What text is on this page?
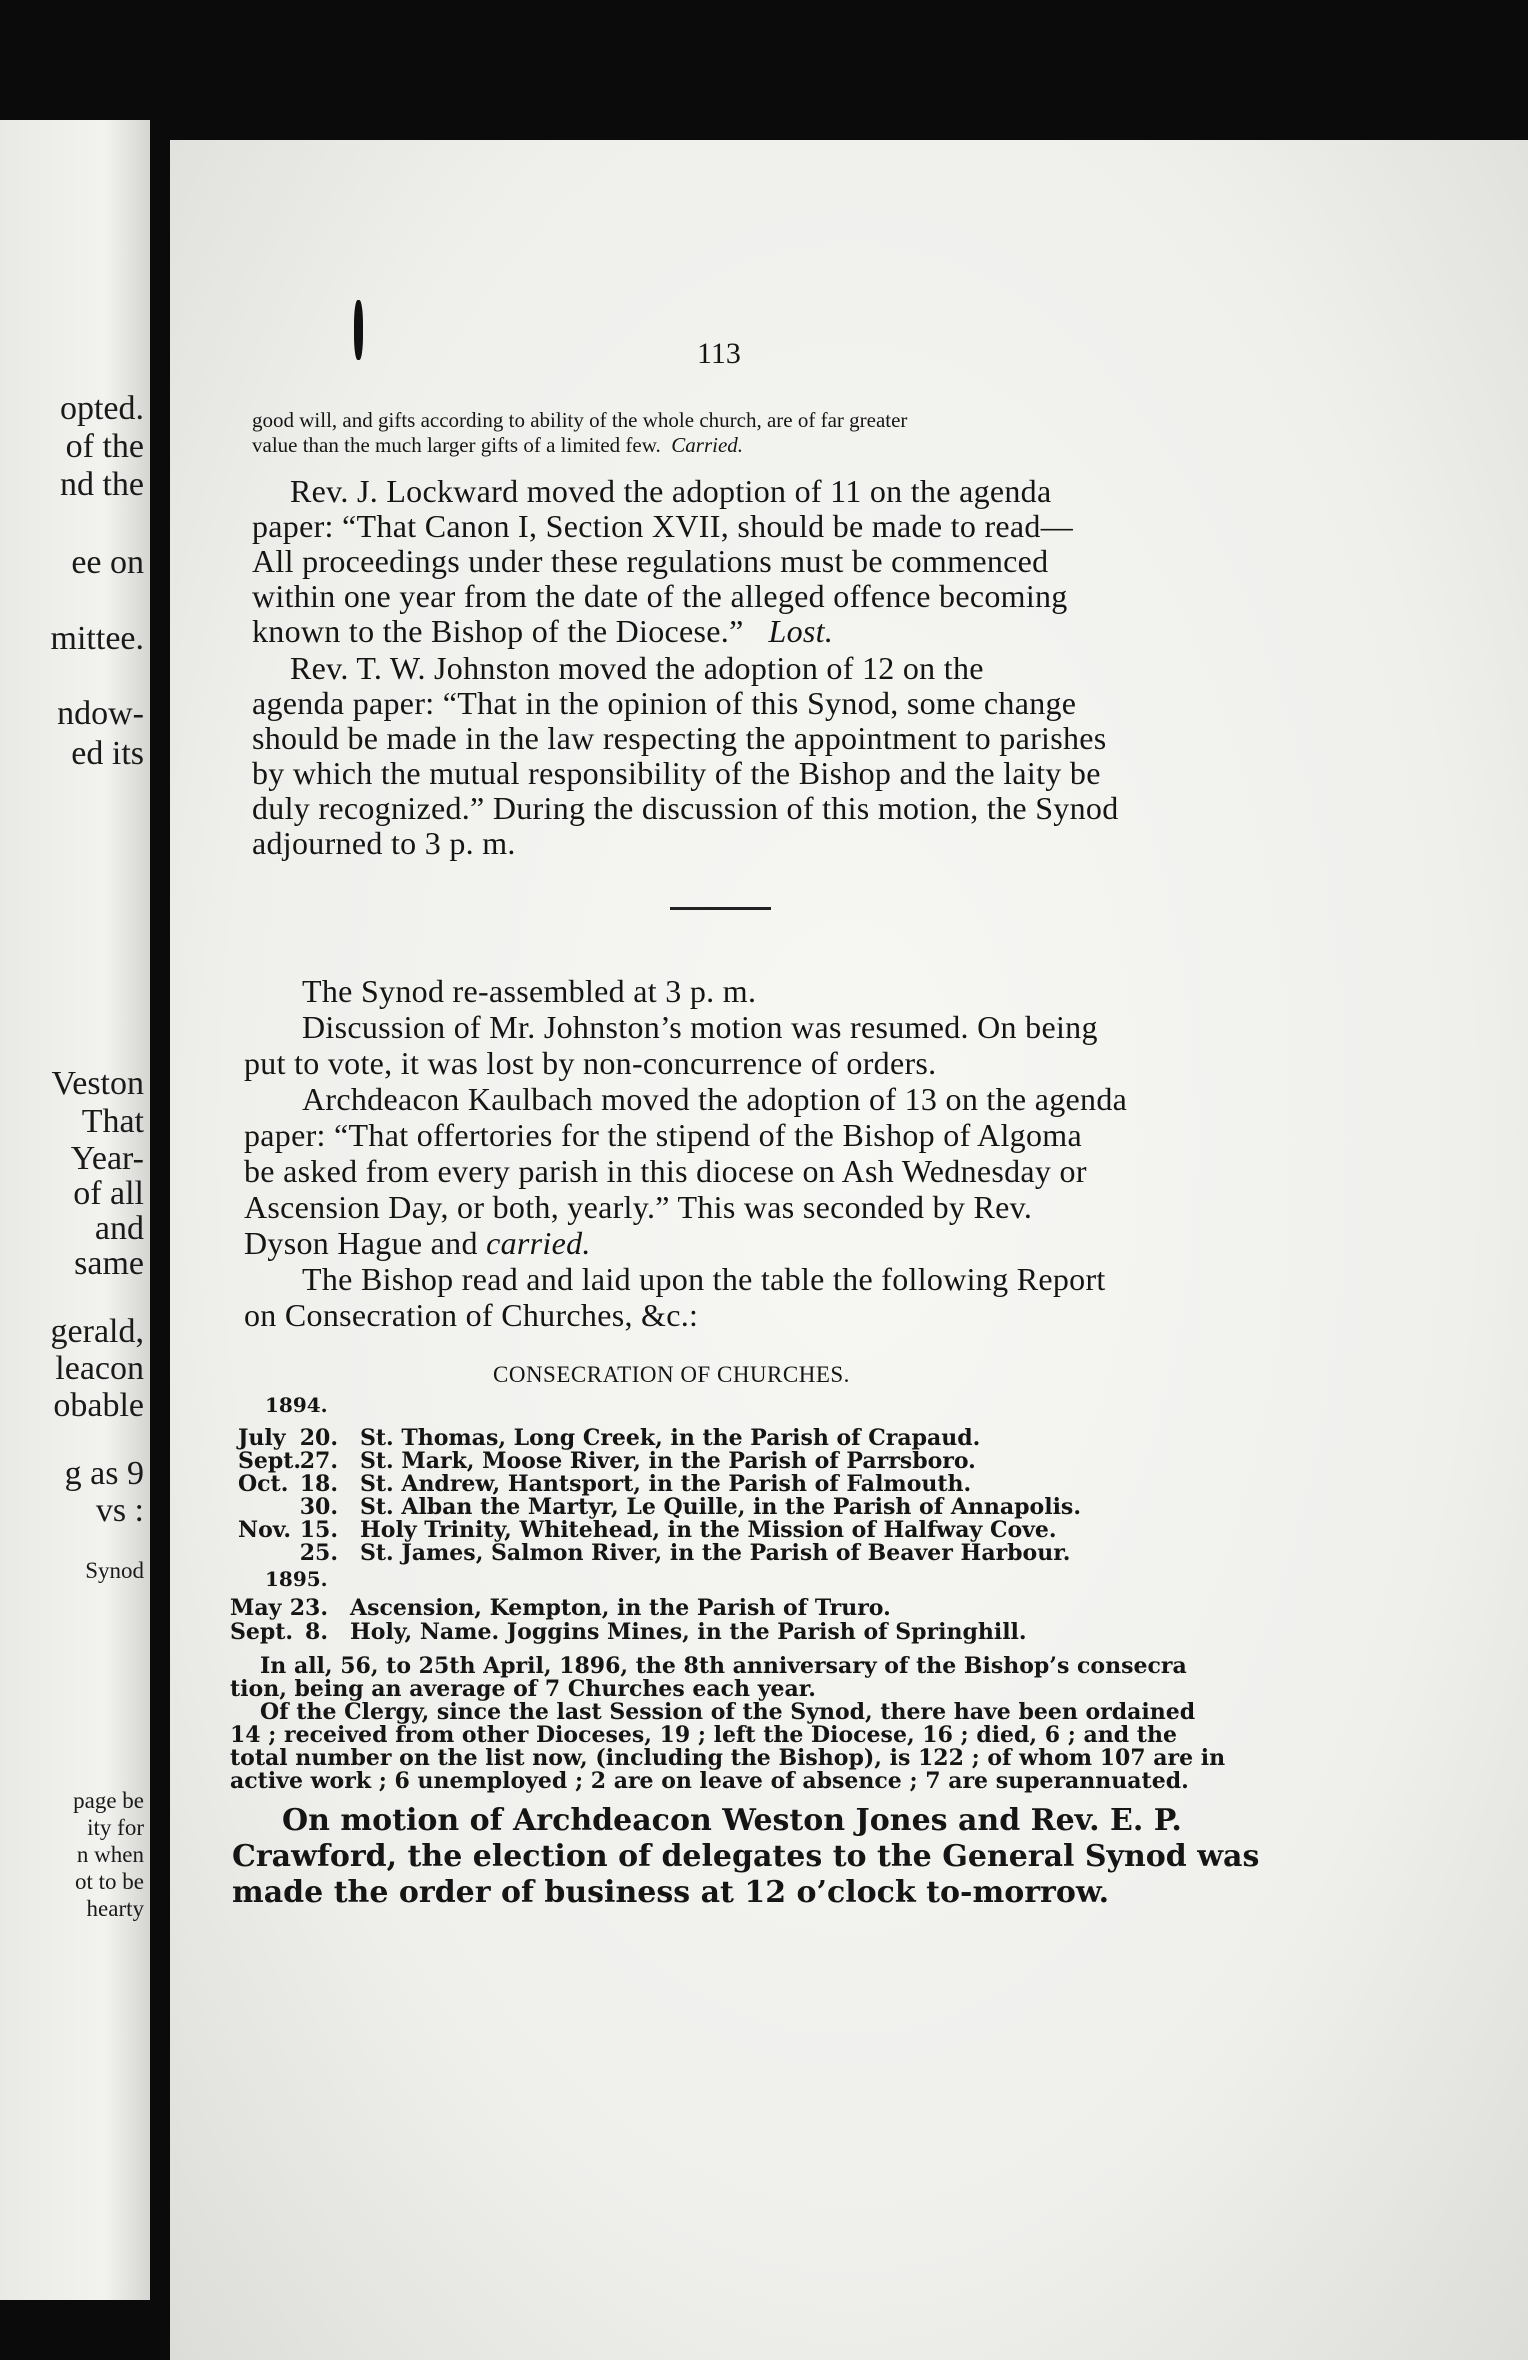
opted.
of the
nd the
ee on
mittee.
ndow-
ed its
Veston
That
Year-
of all
and
same
gerald,
leacon
obable
g as 9
vs :
Synod
page be
ity for
n when
ot to be
hearty
113
good will, and gifts according to ability of the whole church, are of far greater
value than the much larger gifts of a limited few. Carried.
Rev. J. Lockward moved the adoption of 11 on the agenda
paper: “That Canon I, Section XVII, should be made to read—
All proceedings under these regulations must be commenced
within one year from the date of the alleged offence becoming
known to the Bishop of the Diocese.” Lost.
Rev. T. W. Johnston moved the adoption of 12 on the
agenda paper: “That in the opinion of this Synod, some change
should be made in the law respecting the appointment to parishes
by which the mutual responsibility of the Bishop and the laity be
duly recognized.” During the discussion of this motion, the Synod
adjourned to 3 p. m.
The Synod re-assembled at 3 p. m.
Discussion of Mr. Johnston’s motion was resumed. On being
put to vote, it was lost by non-concurrence of orders.
Archdeacon Kaulbach moved the adoption of 13 on the agenda
paper: “That offertories for the stipend of the Bishop of Algoma
be asked from every parish in this diocese on Ash Wednesday or
Ascension Day, or both, yearly.” This was seconded by Rev.
Dyson Hague and carried.
The Bishop read and laid upon the table the following Report
on Consecration of Churches, &c.:
CONSECRATION OF CHURCHES.
1894.
July 20. St. Thomas, Long Creek, in the Parish of Crapaud.
Sept.
27. St. Mark, Moose River, in the Parish of Parrsboro.
Oct. 18. St. Andrew, Hantsport, in the Parish of Falmouth.
30. St. Alban the Martyr, Le Quille, in the Parish of Annapolis.
Nov. 15. Holy Trinity, Whitehead, in the Mission of Halfway Cove.
25. St. James, Salmon River, in the Parish of Beaver Harbour.
1895.
May 23. Ascension, Kempton, in the Parish of Truro.
Sept. 8. Holy, Name. Joggins Mines, in the Parish of Springhill.
In all, 56, to 25th April, 1896, the 8th anniversary of the Bishop’s consecra
tion, being an average of 7 Churches each year.
Of the Clergy, since the last Session of the Synod, there have been ordained
14 ; received from other Dioceses, 19 ; left the Diocese, 16 ; died, 6 ; and the
total number on the list now, (including the Bishop), is 122 ; of whom 107 are in
active work ; 6 unemployed ; 2 are on leave of absence ; 7 are superannuated.
On motion of Archdeacon Weston Jones and Rev. E. P.
Crawford, the election of delegates to the General Synod was
made the order of business at 12 o’clock to-morrow.
